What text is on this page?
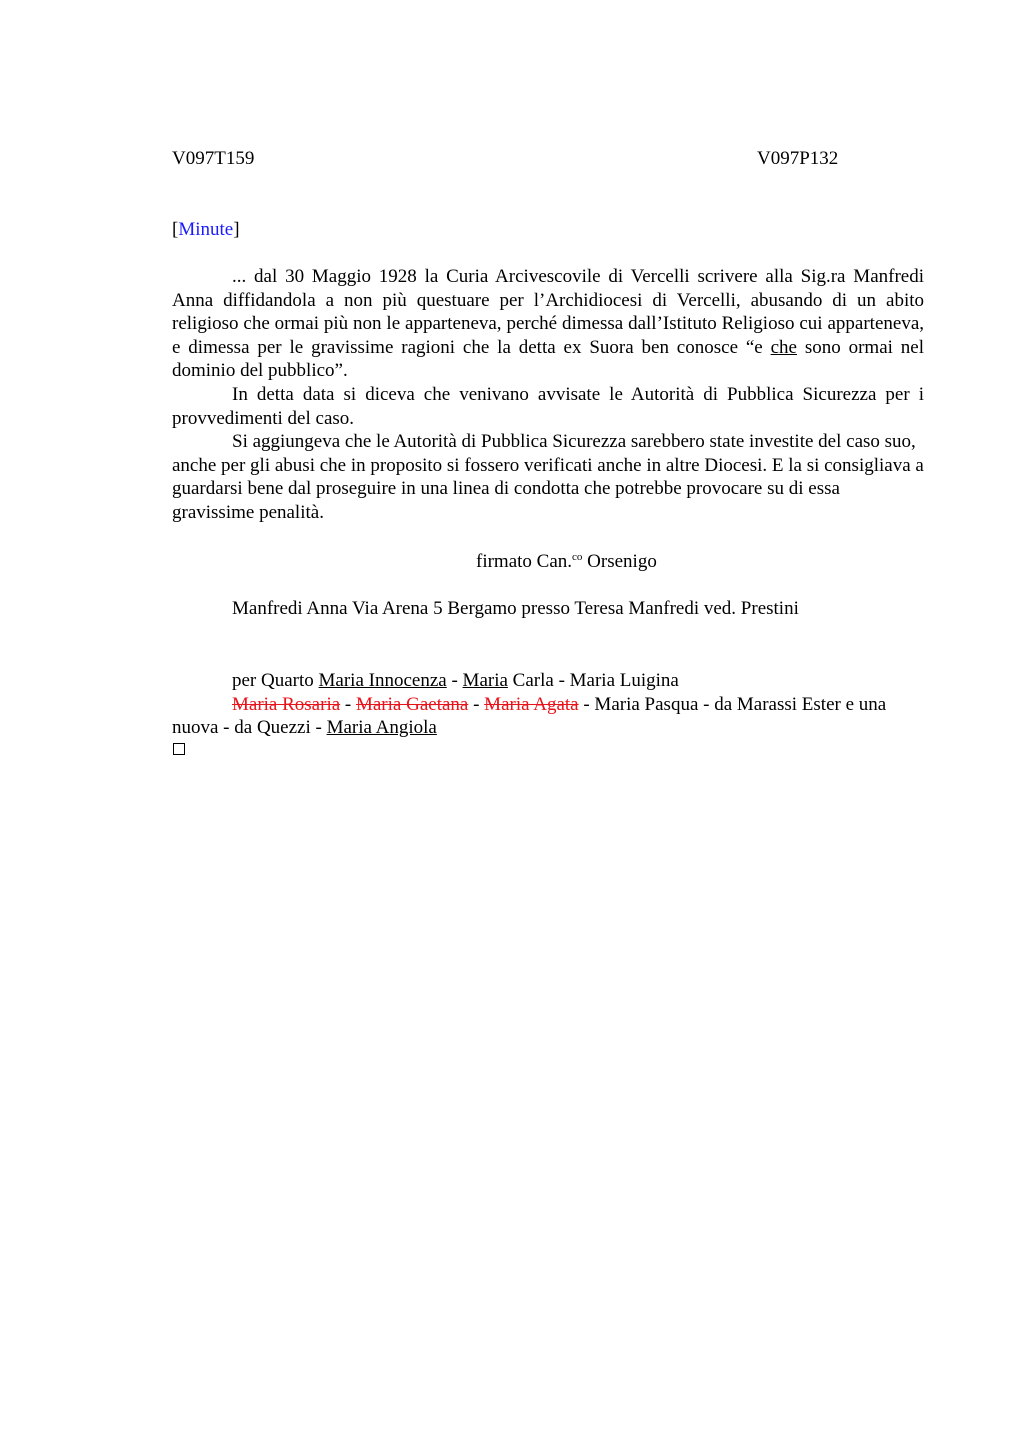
V097T159	V097P132
[Minute]

... dal 30 Maggio 1928 la Curia Arcivescovile di Vercelli scrivere alla Sig.ra Manfredi Anna diffidandola a non più questuare per l’Archidiocesi di Vercelli, abusando di un abito religioso che ormai più non le apparteneva, perché dimessa dall’Istituto Religioso cui apparteneva, e dimessa per le gravissime ragioni che la detta ex Suora ben conosce “e che sono ormai nel dominio del pubblico”.

In detta data si diceva che venivano avvisate le Autorità di Pubblica Sicurezza per i provvedimenti del caso.

Si aggiungeva che le Autorità di Pubblica Sicurezza sarebbero state investite del caso suo, anche per gli abusi che in proposito si fossero verificati anche in altre Diocesi. E la si consigliava a guardarsi bene dal proseguire in una linea di condotta che potrebbe provocare su di essa gravissime penalità.

firmato Can.$^{co}$ Orsenigo
Manfredi Anna Via Arena 5 Bergamo presso Teresa Manfredi ved. Prestini

per Quarto Maria Innocenza - Maria Carla - Maria Luigina

Maria Rosaria - Maria Gaetana - Maria Agata - Maria Pasqua - da Marassi Ester e una nuova - da Quezzi - Maria Angiola
